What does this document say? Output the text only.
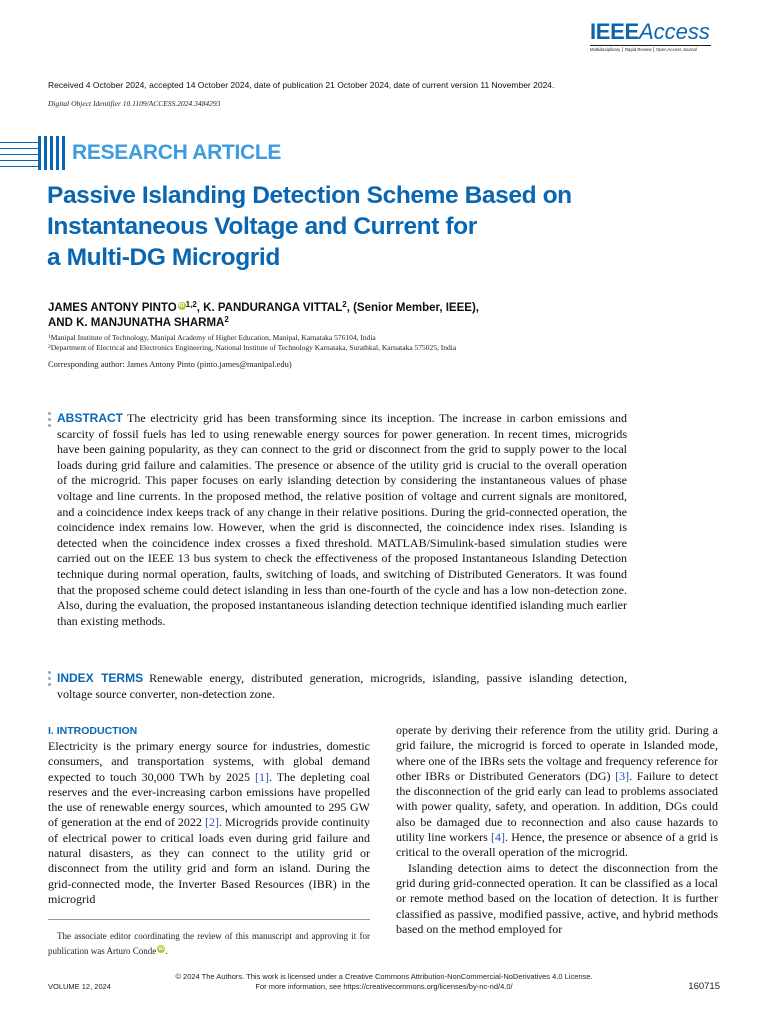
IEEEAccess
Multidisciplinary ⎮ Rapid Review ⎮ Open Access Journal
Received 4 October 2024, accepted 14 October 2024, date of publication 21 October 2024, date of current version 11 November 2024.
Digital Object Identifier 10.1109/ACCESS.2024.3484293
RESEARCH ARTICLE
Passive Islanding Detection Scheme Based on
Instantaneous Voltage and Current for
a Multi-DG Microgrid
JAMES ANTONY PINTO iD$^{1,2}$, K. PANDURANGA VITTAL$^2$, (Senior Member, IEEE),
AND K. MANJUNATHA SHARMA$^2$
$^1$Manipal Institute of Technology, Manipal Academy of Higher Education, Manipal, Karnataka 576104, India
$^2$Department of Electrical and Electronics Engineering, National Institute of Technology Karnataka, Surathkal, Karnataka 575025, India
Corresponding author: James Antony Pinto (pinto.james@manipal.edu)

ABSTRACT The electricity grid has been transforming since its inception. The increase in carbon emissions and scarcity of fossil fuels has led to using renewable energy sources for power generation. In recent times, microgrids have been gaining popularity, as they can connect to the grid or disconnect from the grid to supply power to the local loads during grid failure and calamities. The presence or absence of the utility grid is crucial to the overall operation of the microgrid. This paper focuses on early islanding detection by considering the instantaneous values of phase voltage and line currents. In the proposed method, the relative position of voltage and current signals are monitored, and a coincidence index keeps track of any change in their relative positions. During the grid-connected operation, the coincidence index remains low. However, when the grid is disconnected, the coincidence index rises. Islanding is detected when the coincidence index crosses a fixed threshold. MATLAB/Simulink-based simulation studies were carried out on the IEEE 13 bus system to check the effectiveness of the proposed Instantaneous Islanding Detection technique during normal operation, faults, switching of loads, and switching of Distributed Generators. It was found that the proposed scheme could detect islanding in less than one-fourth of the cycle and has a low non-detection zone. Also, during the evaluation, the proposed instantaneous islanding detection technique identified islanding much earlier than existing methods.

INDEX TERMS Renewable energy, distributed generation, microgrids, islanding, passive islanding detection, voltage source converter, non-detection zone.

I. INTRODUCTION

Electricity is the primary energy source for industries, domestic consumers, and transportation systems, with global demand expected to touch 30,000 TWh by 2025 [1]. The depleting coal reserves and the ever-increasing carbon emissions have propelled the use of renewable energy sources, which amounted to 295 GW of generation at the end of 2022 [2]. Microgrids provide continuity of electrical power to critical loads even during grid failure and natural disasters, as they can connect to the utility grid or disconnect from the utility grid and form an island. During the grid-connected mode, the Inverter Based Resources (IBR) in the microgrid

operate by deriving their reference from the utility grid. During a grid failure, the microgrid is forced to operate in Islanded mode, where one of the IBRs sets the voltage and frequency reference for other IBRs or Distributed Generators (DG) [3]. Failure to detect the disconnection of the grid early can lead to problems associated with power quality, safety, and operation. In addition, DGs could also be damaged due to reconnection and also cause hazards to utility line workers [4]. Hence, the presence or absence of a grid is critical to the overall operation of the microgrid.

Islanding detection aims to detect the disconnection from the grid during grid-connected operation. It can be classified as a local or remote method based on the location of detection. It is further classified as passive, modified passive, active, and hybrid methods based on the method employed for

 The associate editor coordinating the review of this manuscript and approving it for publication was Arturo Conde iD.

© 2024 The Authors. This work is licensed under a Creative Commons Attribution-NonCommercial-NoDerivatives 4.0 License.
For more information, see https://creativecommons.org/licenses/by-nc-nd/4.0/
VOLUME 12, 2024	160715
